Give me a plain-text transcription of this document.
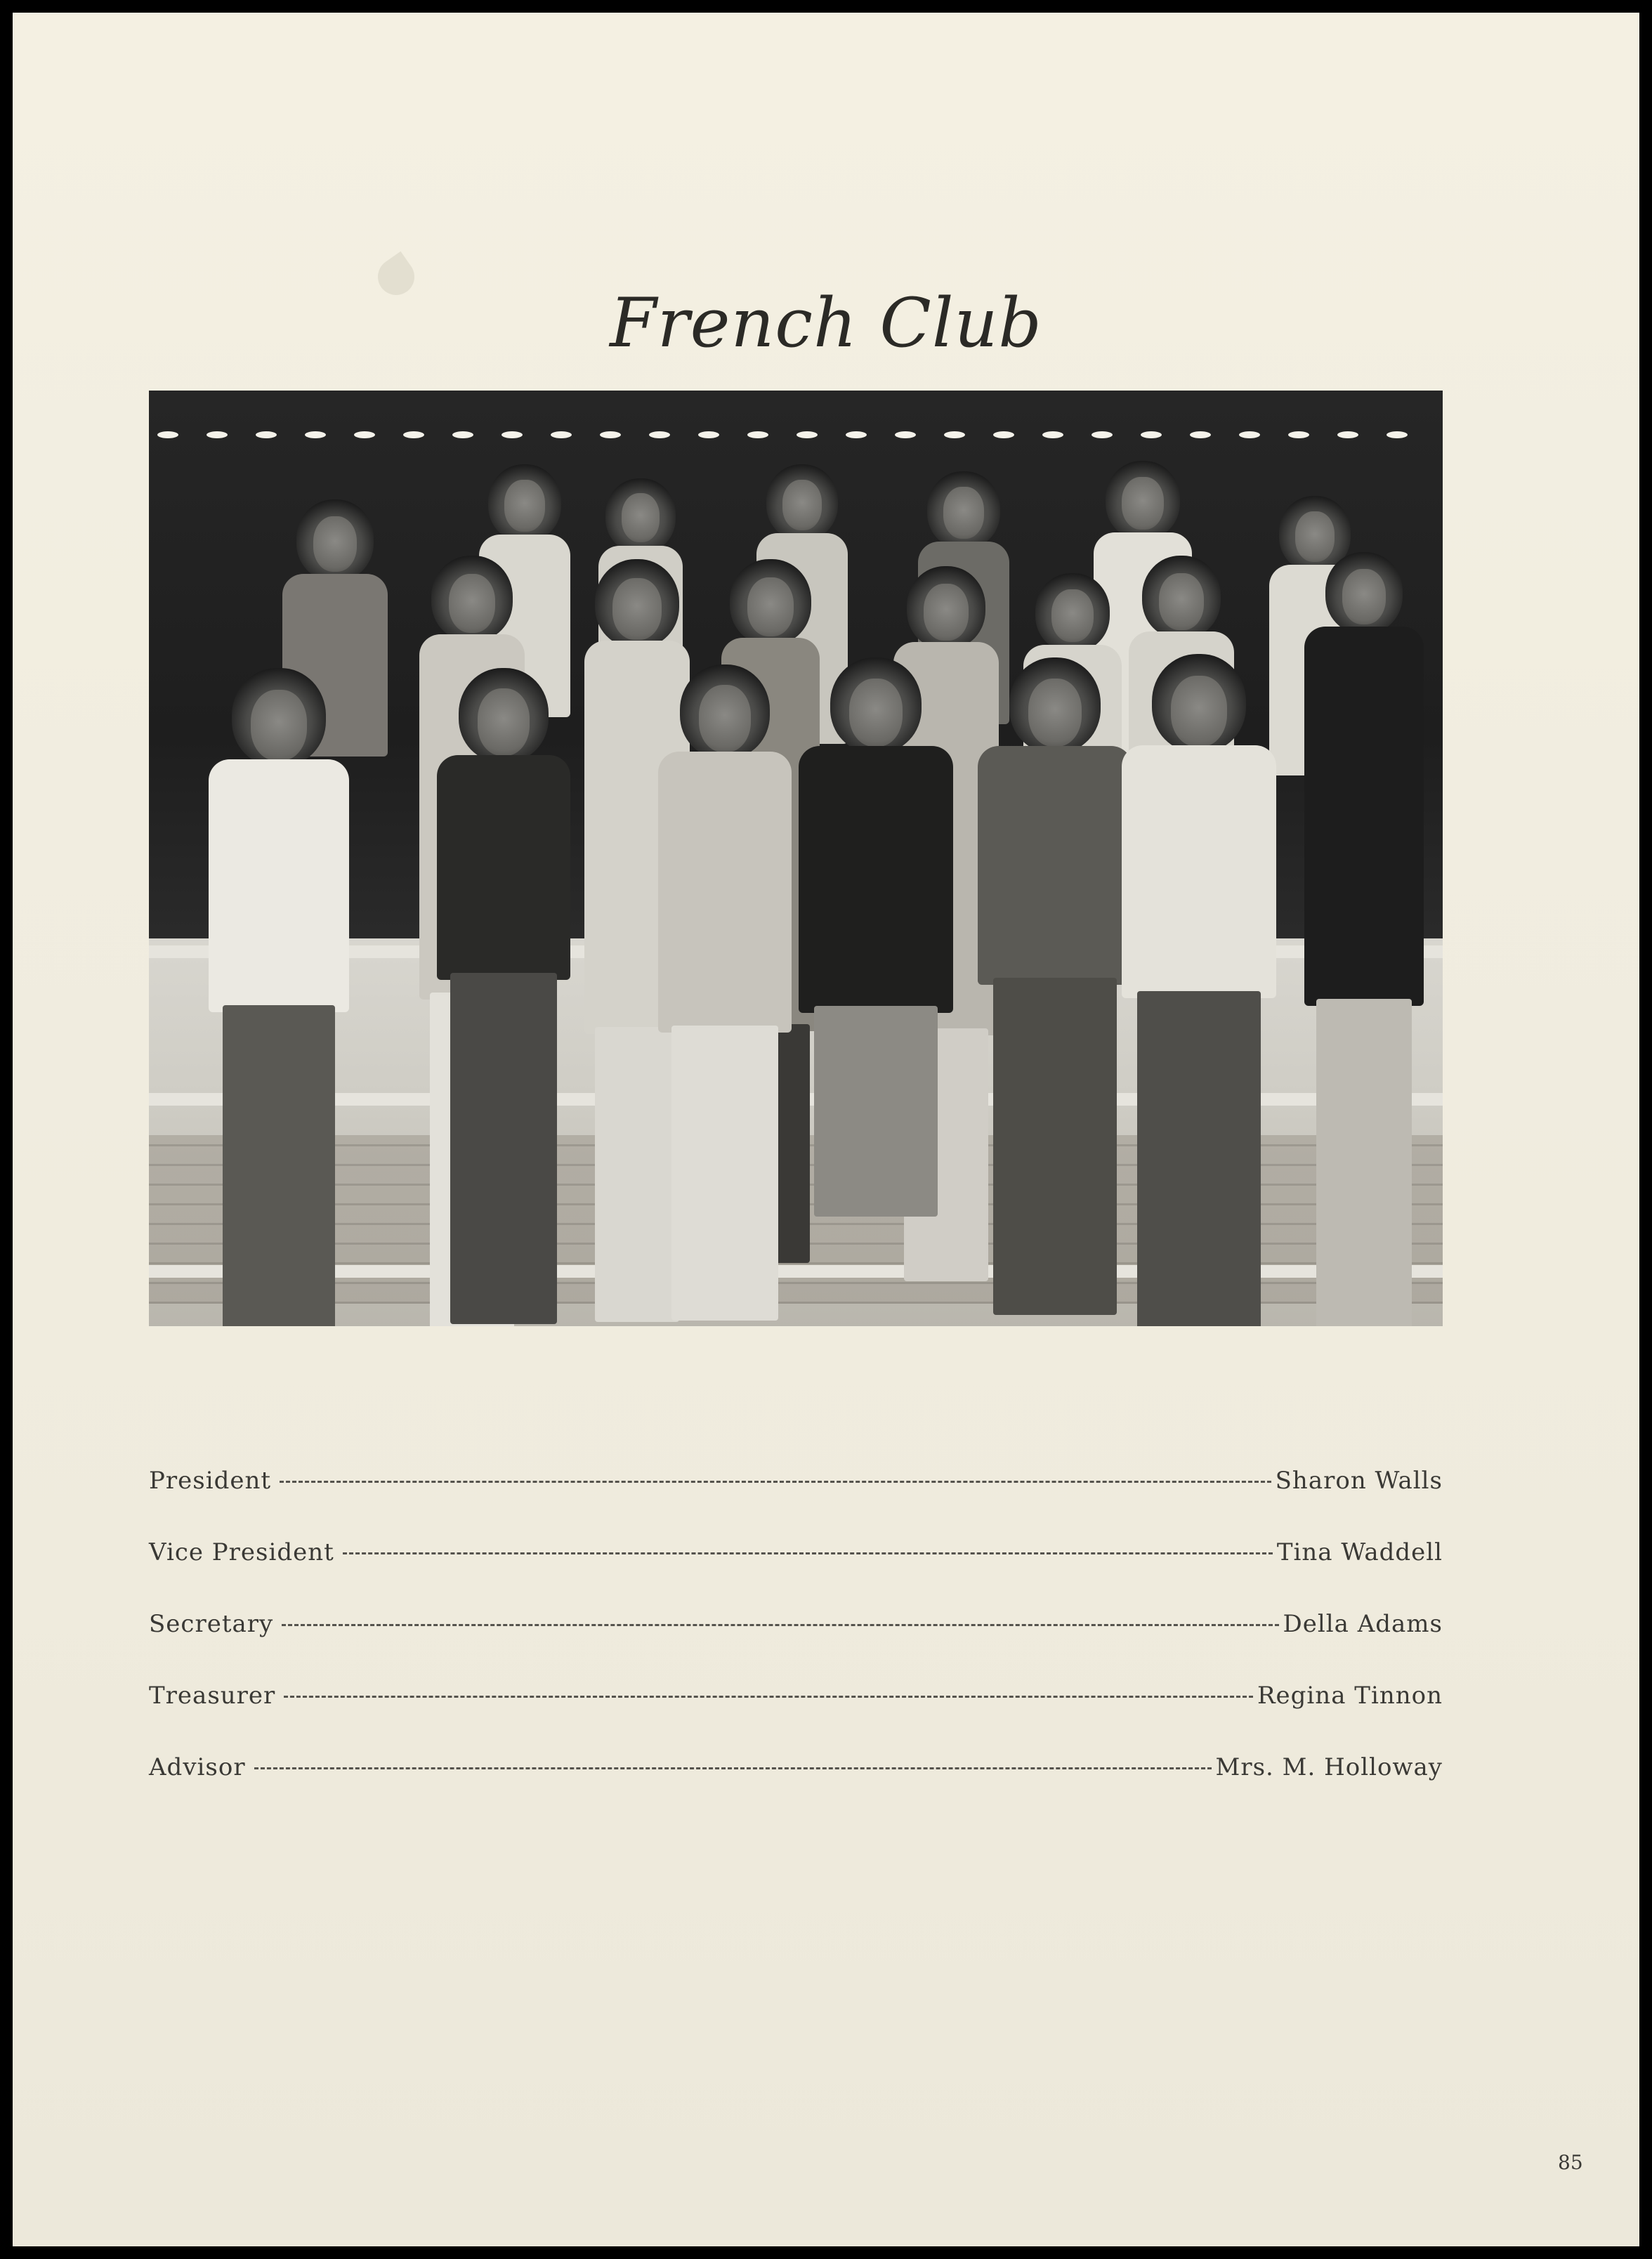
French Club
President	Sharon Walls
Vice President	Tina Waddell
Secretary	Della Adams
Treasurer	Regina Tinnon
Advisor	Mrs. M. Holloway
85
